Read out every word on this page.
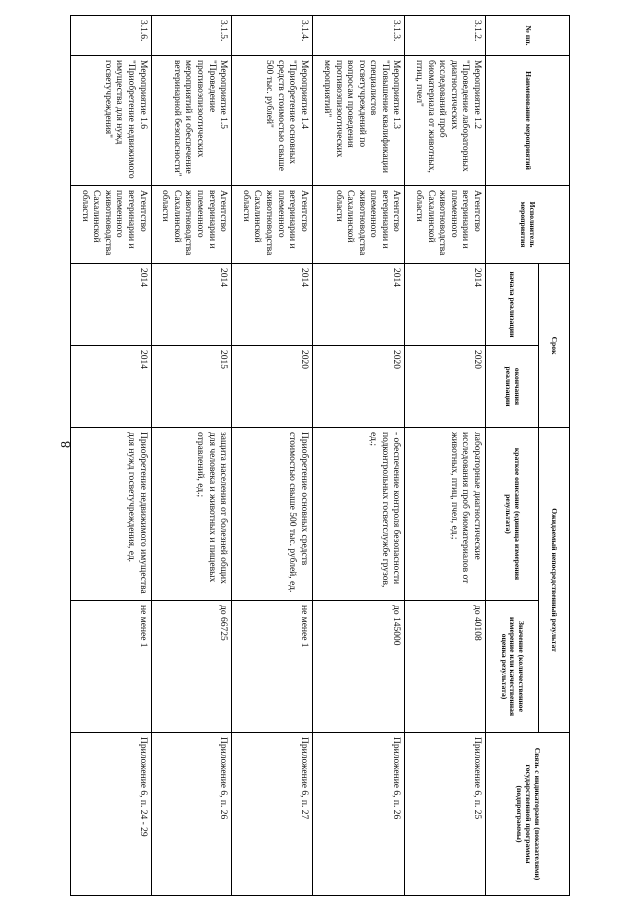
8
№ пп.	Наименование мероприятий	Исполнитель мероприятия	Срок		Ожидаемый непосредственный результат		Связь с индикаторами (показателями) государственной программы (подпрограммы)
			начала реализации	окончания реализации	краткое описание (единица измерения результата)	Значение (количественное измерение или качественная оценка результата)	
3.1.2.	Мероприятие 1.2 "Проведение лабораторных диагностических исследований проб биоматериала от животных, птиц, пчел"	Агентство ветеринарии и племенного животноводства Сахалинской области	2014	2020	лабораторные диагностические исследования проб биоматериалов от животных, птиц, пчел, ед.;	до 40108	Приложение 6, п. 25
3.1.3.	Мероприятие 1.3 "Повышение квалификации специалистов госветучреждений по вопросам проведения противоэпизоотических мероприятий"	Агентство ветеринарии и племенного животноводства Сахалинской области	2014	2020	- обеспечение контроля безопасности подконтрольных госветслужбе грузов, ед.;	до 145000	Приложение 6, п. 26
3.1.4.	Мероприятие 1.4 "Приобретение основных средств стоимостью свыше 500 тыс. рублей"	Агентство ветеринарии и племенного животноводства Сахалинской области	2014	2020	Приобретение основных средств стоимостью свыше 500 тыс. рублей, ед.	не менее 1	Приложение 6, п. 27
3.1.5.	Мероприятие 1.5 "Проведение противоэпизоотических мероприятий и обеспечение ветеринарной безопасности"	Агентство ветеринарии и племенного животноводства Сахалинской области	2014	2015	защита населения от болезней общих для человека и животных и пищевых отравлений, ед.;	до 66725	Приложение 6, п. 26
3.1.6.	Мероприятие 1.6 "Приобретение недвижимого имущества для нужд госветучреждения"	Агентство ветеринарии и племенного животноводства Сахалинской области	2014	2014	Приобретение недвижимого имущества для нужд госветучреждения, ед.	не менее 1	Приложение 6, п. 24 - 29
